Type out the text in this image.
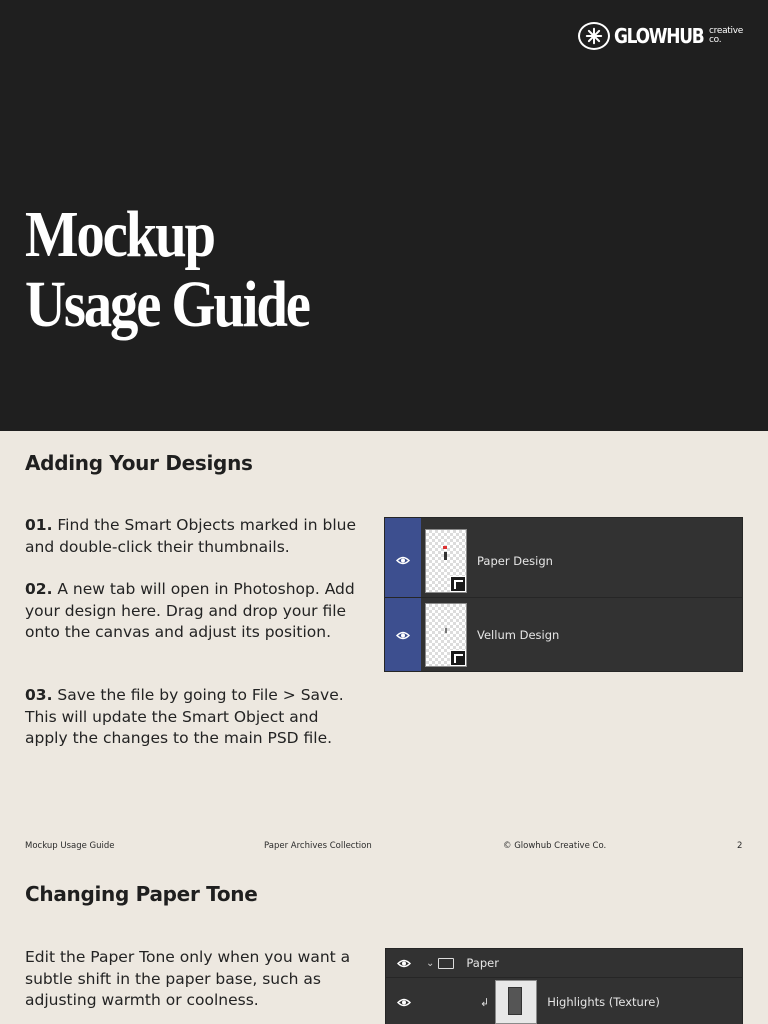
GLOWHUB creative
co.
Mockup
Usage Guide
Adding Your Designs

01. Find the Smart Objects marked in blue and double-click their thumbnails.

02. A new tab will open in Photoshop. Add your design here. Drag and drop your file onto the canvas and adjust its position.

03. Save the file by going to File > Save. This will update the Smart Object and apply the changes to the main PSD file.

Paper Design
Vellum Design
Mockup Usage Guide	Paper Archives Collection	© Glowhub Creative Co.	2
Changing Paper Tone

Edit the Paper Tone only when you want a subtle shift in the paper base, such as adjusting warmth or coolness.

⌄	Paper
↲	Highlights (Texture)
